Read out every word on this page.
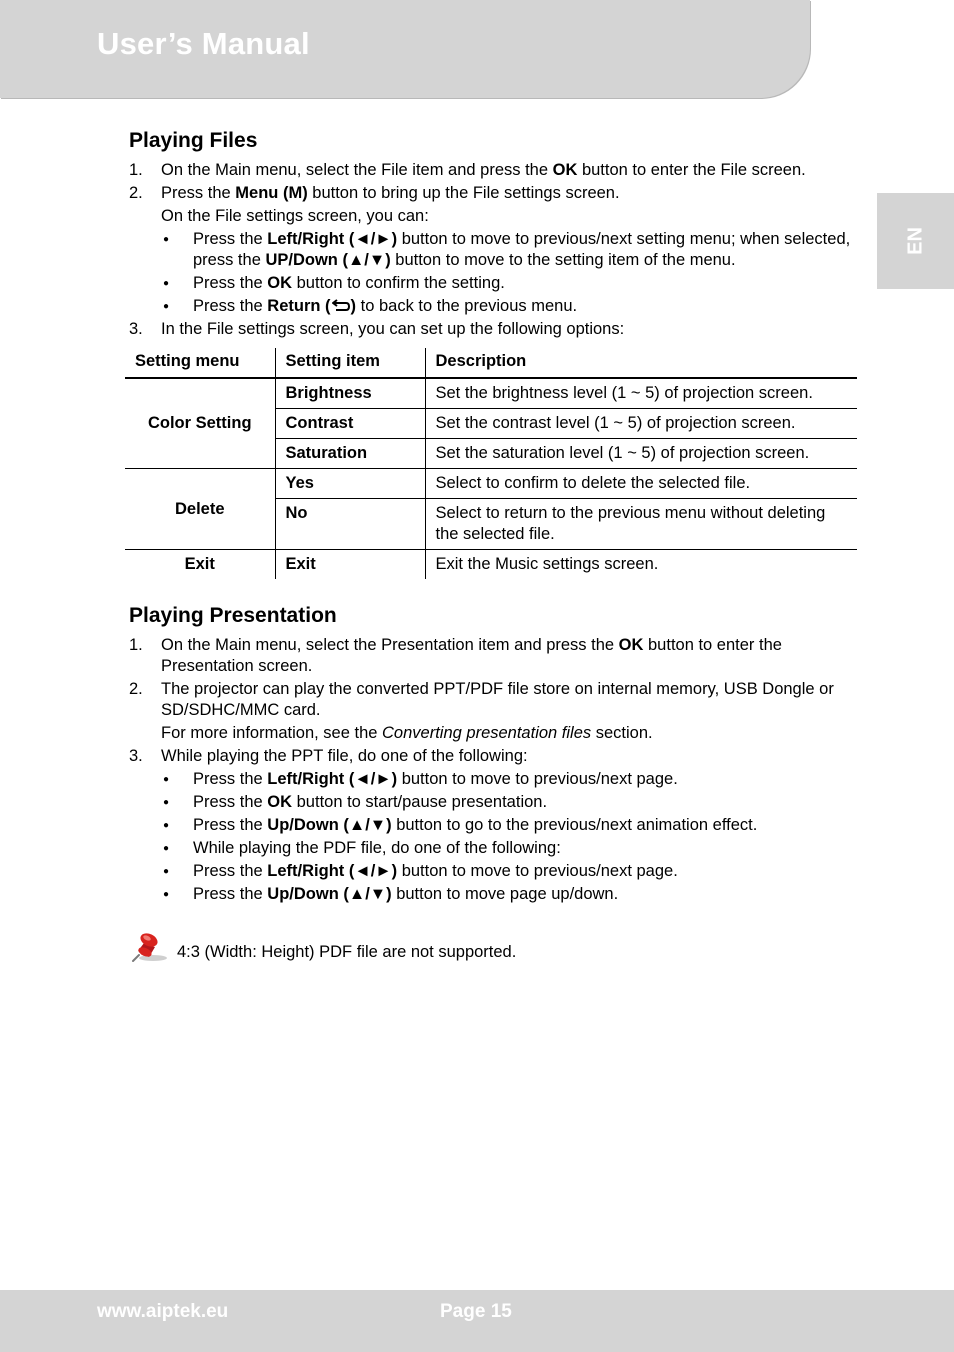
User’s Manual
EN
Playing Files
1. On the Main menu, select the File item and press the OK button to enter the File screen.
2. Press the Menu (M) button to bring up the File settings screen.
On the File settings screen, you can:
● Press the Left/Right (◄/►) button to move to previous/next setting menu; when selected, press the UP/Down (▲/▼) button to move to the setting item of the menu.
● Press the OK button to confirm the setting.
● Press the Return ( ) to back to the previous menu.
3. In the File settings screen, you can set up the following options:
Setting menu	Setting item	Description
Color Setting	Brightness	Set the brightness level (1 ~ 5) of projection screen.
	Contrast	Set the contrast level (1 ~ 5) of projection screen.
	Saturation	Set the saturation level (1 ~ 5) of projection screen.
Delete	Yes	Select to confirm to delete the selected file.
	No	Select to return to the previous menu without deleting the selected file.
Exit	Exit	Exit the Music settings screen.
Playing Presentation
1. On the Main menu, select the Presentation item and press the OK button to enter the Presentation screen.
2. The projector can play the converted PPT/PDF file store on internal memory, USB Dongle or SD/SDHC/MMC card.
For more information, see the Converting presentation files section.
3. While playing the PPT file, do one of the following:
● Press the Left/Right (◄/►) button to move to previous/next page.
● Press the OK button to start/pause presentation.
● Press the Up/Down (▲/▼) button to go to the previous/next animation effect.
● While playing the PDF file, do one of the following:
● Press the Left/Right (◄/►) button to move to previous/next page.
● Press the Up/Down (▲/▼) button to move page up/down.
4:3 (Width: Height) PDF file are not supported.
www.aiptek.eu	Page 15
